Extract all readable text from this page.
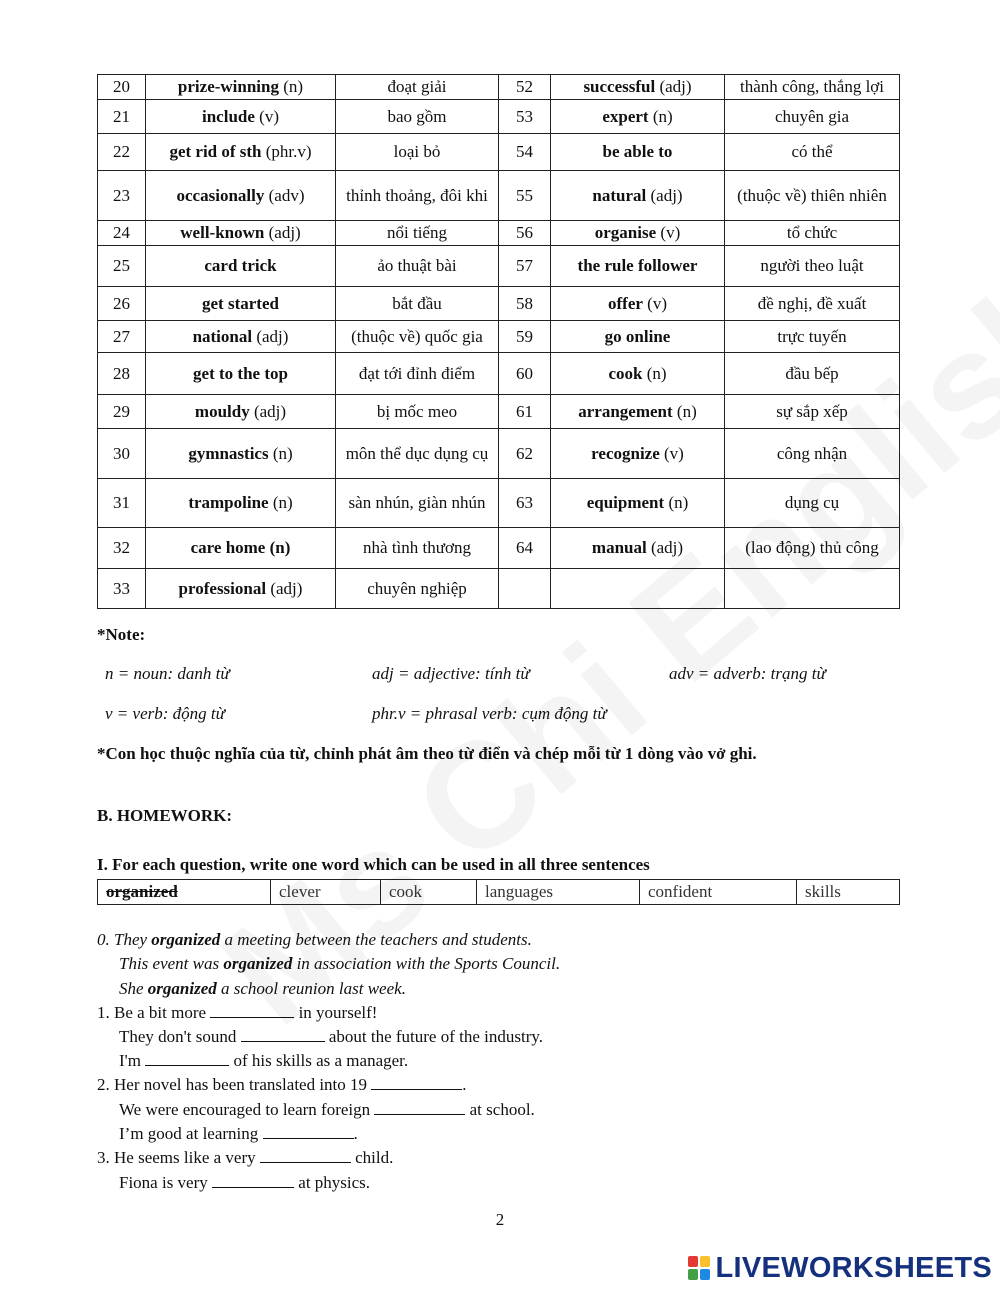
20	prize-winning (n)	đoạt giải	52	successful (adj)	thành công, thắng lợi
21	include (v)	bao gồm	53	expert (n)	chuyên gia
22	get rid of sth (phr.v)	loại bỏ	54	be able to	có thể
23	occasionally (adv)	thỉnh thoảng, đôi khi	55	natural (adj)	(thuộc về) thiên nhiên
24	well-known (adj)	nổi tiếng	56	organise (v)	tổ chức
25	card trick	ảo thuật bài	57	the rule follower	người theo luật
26	get started	bắt đầu	58	offer (v)	đề nghị, đề xuất
27	national (adj)	(thuộc về) quốc gia	59	go online	trực tuyến
28	get to the top	đạt tới đỉnh điểm	60	cook (n)	đầu bếp
29	mouldy (adj)	bị mốc meo	61	arrangement (n)	sự sắp xếp
30	gymnastics (n)	môn thể dục dụng cụ	62	recognize (v)	công nhận
31	trampoline (n)	sàn nhún, giàn nhún	63	equipment (n)	dụng cụ
32	care home (n)	nhà tình thương	64	manual (adj)	(lao động) thủ công
33	professional (adj)	chuyên nghiệp			
*Note:
n = noun: danh từ	adj = adjective: tính từ	adv = adverb: trạng từ
v = verb: động từ	phr.v = phrasal verb: cụm động từ
*Con học thuộc nghĩa của từ, chỉnh phát âm theo từ điển và chép mỗi từ 1 dòng vào vở ghi.
B. HOMEWORK:
I. For each question, write one word which can be used in all three sentences
organized	clever	cook	languages	confident	skills
0. They organized a meeting between the teachers and students.
This event was organized in association with the Sports Council.
She organized a school reunion last week.
1. Be a bit more	in yourself!
They don't sound	about the future of the industry.
I'm	of his skills as a manager.
2. Her novel has been translated into 19	.
We were encouraged to learn foreign	at school.
I’m good at learning	.
3. He seems like a very	child.
Fiona is very	at physics.
2
LIVEWORKSHEETS
